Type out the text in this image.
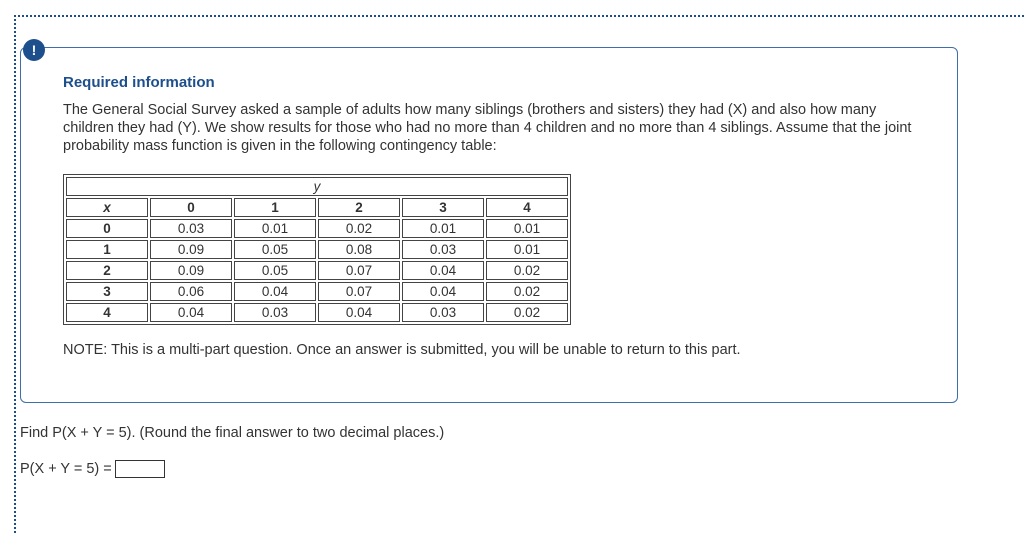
!
Required information
The General Social Survey asked a sample of adults how many siblings (brothers and sisters) they had (X) and also how many children they had (Y). We show results for those who had no more than 4 children and no more than 4 siblings. Assume that the joint probability mass function is given in the following contingency table:
y					
x	0	1	2	3	4
0	0.03	0.01	0.02	0.01	0.01
1	0.09	0.05	0.08	0.03	0.01
2	0.09	0.05	0.07	0.04	0.02
3	0.06	0.04	0.07	0.04	0.02
4	0.04	0.03	0.04	0.03	0.02
NOTE: This is a multi-part question. Once an answer is submitted, you will be unable to return to this part.
Find P(X + Y = 5). (Round the final answer to two decimal places.)
P(X + Y = 5) =
